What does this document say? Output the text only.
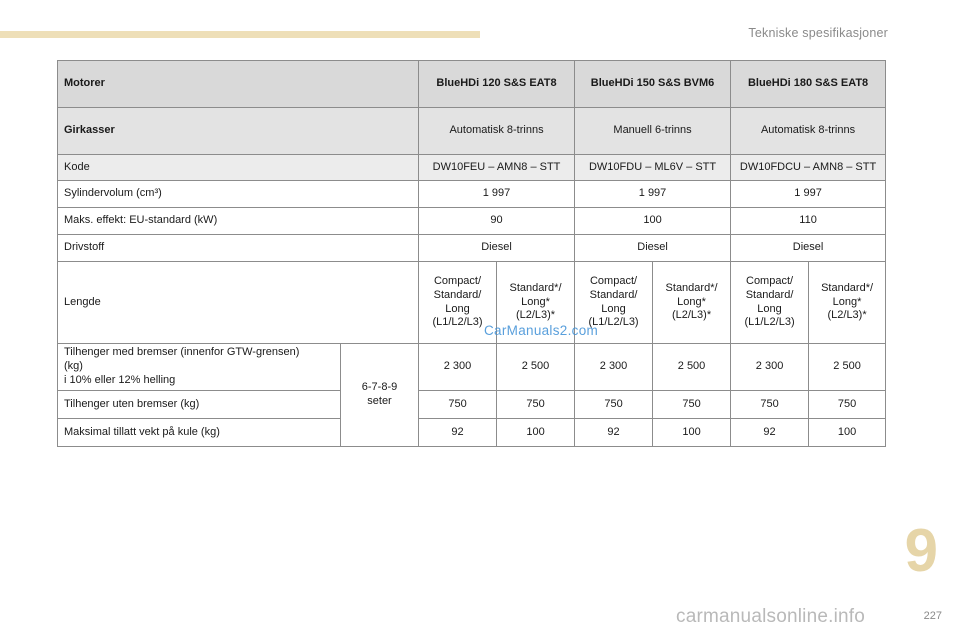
Tekniske spesifikasjoner
Motorer		BlueHDi 120 S&S EAT8		BlueHDi 150 S&S BVM6		BlueHDi 180 S&S EAT8	
Girkasser		Automatisk 8-trinns		Manuell 6-trinns		Automatisk 8-trinns	
Kode		DW10FEU – AMN8 – STT		DW10FDU – ML6V – STT		DW10FDCU – AMN8 – STT	
Sylindervolum (cm³)		1 997		1 997		1 997	
Maks. effekt: EU-standard (kW)		90		100		110	
Drivstoff		Diesel		Diesel		Diesel	
Lengde		Compact/
Standard/
Long
(L1/L2/L3)	Standard*/
Long*
(L2/L3)*	Compact/
Standard/
Long
(L1/L2/L3)	Standard*/
Long*
(L2/L3)*	Compact/
Standard/
Long
(L1/L2/L3)	Standard*/
Long*
(L2/L3)*
Tilhenger med bremser (innenfor GTW-grensen)
(kg)
i 10% eller 12% helling	6-7-8-9
seter	2 300	2 500	2 300	2 500	2 300	2 500
Tilhenger uten bremser (kg)		750	750	750	750	750	750
Maksimal tillatt vekt på kule (kg)		92	100	92	100	92	100
CarManuals2.com
9
227
carmanualsonline.info
